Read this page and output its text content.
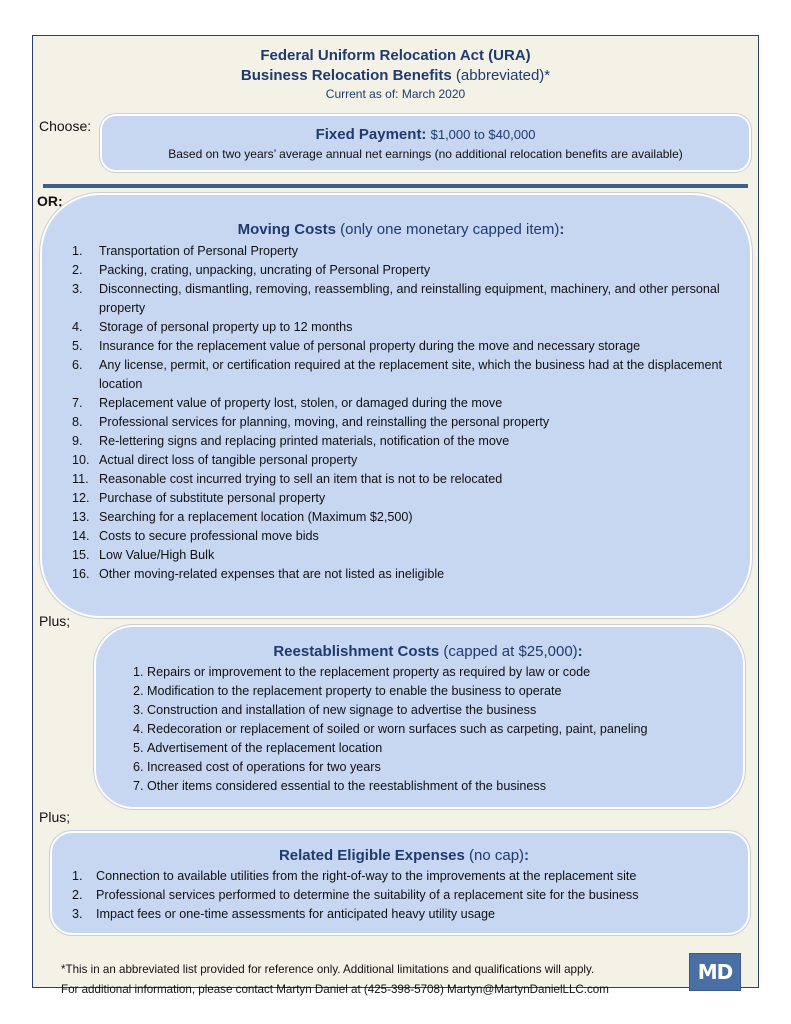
Federal Uniform Relocation Act (URA)
Business Relocation Benefits (abbreviated)*
Current as of: March 2020
Choose:	Fixed Payment: $1,000 to $40,000
Based on two years’ average annual net earnings (no additional relocation benefits are available)
OR;
Moving Costs (only one monetary capped item):
1. Transportation of Personal Property
2. Packing, crating, unpacking, uncrating of Personal Property
3. Disconnecting, dismantling, removing, reassembling, and reinstalling equipment, machinery, and other personal property
4. Storage of personal property up to 12 months
5. Insurance for the replacement value of personal property during the move and necessary storage
6. Any license, permit, or certification required at the replacement site, which the business had at the displacement location
7. Replacement value of property lost, stolen, or damaged during the move
8. Professional services for planning, moving, and reinstalling the personal property
9. Re-lettering signs and replacing printed materials, notification of the move
10. Actual direct loss of tangible personal property
11. Reasonable cost incurred trying to sell an item that is not to be relocated
12. Purchase of substitute personal property
13. Searching for a replacement location (Maximum $2,500)
14. Costs to secure professional move bids
15. Low Value/High Bulk
16. Other moving-related expenses that are not listed as ineligible
Plus;
Reestablishment Costs (capped at $25,000):
1. Repairs or improvement to the replacement property as required by law or code
2. Modification to the replacement property to enable the business to operate
3. Construction and installation of new signage to advertise the business
4. Redecoration or replacement of soiled or worn surfaces such as carpeting, paint, paneling
5. Advertisement of the replacement location
6. Increased cost of operations for two years
7. Other items considered essential to the reestablishment of the business
Plus;
Related Eligible Expenses (no cap):
1. Connection to available utilities from the right-of-way to the improvements at the replacement site
2. Professional services performed to determine the suitability of a replacement site for the business
3. Impact fees or one-time assessments for anticipated heavy utility usage
*This in an abbreviated list provided for reference only. Additional limitations and qualifications will apply.
For additional information, please contact Martyn Daniel at (425-398-5708) Martyn@MartynDanielLLC.com
MD
